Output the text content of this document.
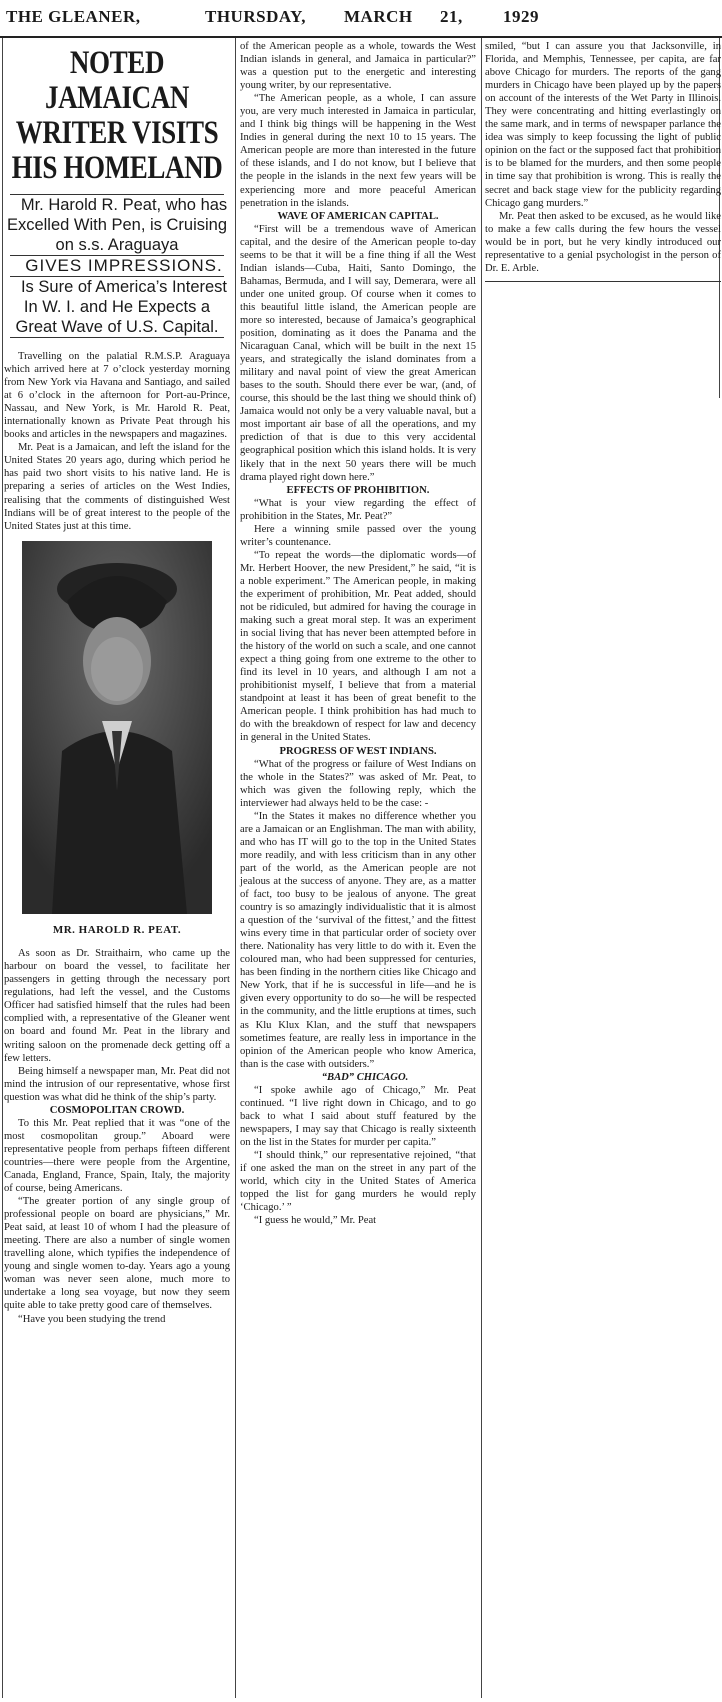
THE GLEANER,	THURSDAY, MARCH 21, 1929
NOTED JAMAICAN
WRITER VISITS
HIS HOMELAND

Mr. Harold R. Peat, who has Excelled With Pen, is Cruising on s.s. Araguaya

GIVES IMPRESSIONS.

Is Sure of America’s Interest In W. I. and He Expects a Great Wave of U.S. Capital.

Travelling on the palatial R.M.S.P. Araguaya which arrived here at 7 o’clock yesterday morning from New York via Havana and Santiago, and sailed at 6 o’clock in the afternoon for Port-au-Prince, Nassau, and New York, is Mr. Harold R. Peat, internationally known as Private Peat through his books and articles in the newspapers and magazines.

Mr. Peat is a Jamaican, and left the island for the United States 20 years ago, during which period he has paid two short visits to his native land. He is preparing a series of articles on the West Indies, realising that the comments of distinguished West Indians will be of great interest to the people of the United States just at this time.

MR. HAROLD R. PEAT.

As soon as Dr. Straithairn, who came up the harbour on board the vessel, to facilitate her passengers in getting through the necessary port regulations, had left the vessel, and the Customs Officer had satisfied himself that the rules had been complied with, a representative of the Gleaner went on board and found Mr. Peat in the library and writing saloon on the promenade deck getting off a few letters.

Being himself a newspaper man, Mr. Peat did not mind the intrusion of our representative, whose first question was what did he think of the ship’s party.

COSMOPOLITAN CROWD.

To this Mr. Peat replied that it was “one of the most cosmopolitan group.” Aboard were representative people from perhaps fifteen different countries—there were people from the Argentine, Canada, England, France, Spain, Italy, the majority of course, being Americans.

“The greater portion of any single group of professional people on board are physicians,” Mr. Peat said, at least 10 of whom I had the pleasure of meeting. There are also a number of single women travelling alone, which typifies the independence of young and single women to-day. Years ago a young woman was never seen alone, much more to undertake a long sea voyage, but now they seem quite able to take pretty good care of themselves.

“Have you been studying the trend

of the American people as a whole, towards the West Indian islands in general, and Jamaica in particular?” was a question put to the energetic and interesting young writer, by our representative.

“The American people, as a whole, I can assure you, are very much interested in Jamaica in particular, and I think big things will be happening in the West Indies in general during the next 10 to 15 years. The American people are more than interested in the future of these islands, and I do not know, but I believe that the people in the islands in the next few years will be experiencing more and more peaceful American penetration in the islands.

WAVE OF AMERICAN CAPITAL.

“First will be a tremendous wave of American capital, and the desire of the American people to-day seems to be that it will be a fine thing if all the West Indian islands—Cuba, Haiti, Santo Domingo, the Bahamas, Bermuda, and I will say, Demerara, were all under one united group. Of course when it comes to this beautiful little island, the American people are more so interested, because of Jamaica’s geographical position, dominating as it does the Panama and the Nicaraguan Canal, which will be built in the next 15 years, and strategically the island dominates from a military and naval point of view the great American bases to the south. Should there ever be war, (and, of course, this should be the last thing we should think of) Jamaica would not only be a very valuable naval, but a most important air base of all the operations, and my prediction of that is due to this very accidental geographical position which this island holds. It is very likely that in the next 50 years there will be much drama played right down here.”

EFFECTS OF PROHIBITION.

“What is your view regarding the effect of prohibition in the States, Mr. Peat?”

Here a winning smile passed over the young writer’s countenance.

“To repeat the words—the diplomatic words—of Mr. Herbert Hoover, the new President,” he said, “it is a noble experiment.” The American people, in making the experiment of prohibition, Mr. Peat added, should not be ridiculed, but admired for having the courage in making such a great moral step. It was an experiment in social living that has never been attempted before in the history of the world on such a scale, and one cannot expect a thing going from one extreme to the other to find its level in 10 years, and although I am not a prohibitionist myself, I believe that from a material standpoint at least it has been of great benefit to the American people. I think prohibition has had much to do with the breakdown of respect for law and decency in general in the United States.

PROGRESS OF WEST INDIANS.

“What of the progress or failure of West Indians on the whole in the States?” was asked of Mr. Peat, to which was given the following reply, which the interviewer had always held to be the case: -

“In the States it makes no difference whether you are a Jamaican or an Englishman. The man with ability, and who has IT will go to the top in the United States more readily, and with less criticism than in any other part of the world, as the American people are not jealous at the success of anyone. They are, as a matter of fact, too busy to be jealous of anyone. The great country is so amazingly individualistic that it is almost a question of the ‘survival of the fittest,’ and the fittest wins every time in that particular order of society over there. Nationality has very little to do with it. Even the coloured man, who had been suppressed for centuries, has been finding in the northern cities like Chicago and New York, that if he is successful in life—and he is given every opportunity to do so—he will be respected in the community, and the little eruptions at times, such as Klu Klux Klan, and the stuff that newspapers sometimes feature, are really less in importance in the opinion of the American people who know America, than is the case with outsiders.”

“BAD” CHICAGO.

“I spoke awhile ago of Chicago,” Mr. Peat continued. “I live right down in Chicago, and to go back to what I said about stuff featured by the newspapers, I may say that Chicago is really sixteenth on the list in the States for murder per capita.”

“I should think,” our representative rejoined, “that if one asked the man on the street in any part of the world, which city in the United States of America topped the list for gang murders he would reply ‘Chicago.’ ”

“I guess he would,” Mr. Peat

smiled, “but I can assure you that Jacksonville, in Florida, and Memphis, Tennessee, per capita, are far above Chicago for murders. The reports of the gang murders in Chicago have been played up by the papers on account of the interests of the Wet Party in Illinois. They were concentrating and hitting everlastingly on the same mark, and in terms of newspaper parlance the idea was simply to keep focussing the light of public opinion on the fact or the supposed fact that prohibition is to be blamed for the murders, and then some people in time say that prohibition is wrong. This is really the secret and back stage view for the publicity regarding Chicago gang murders.”

Mr. Peat then asked to be excused, as he would like to make a few calls during the few hours the vessel would be in port, but he very kindly introduced our representative to a genial psychologist in the person of Dr. E. Arble.
